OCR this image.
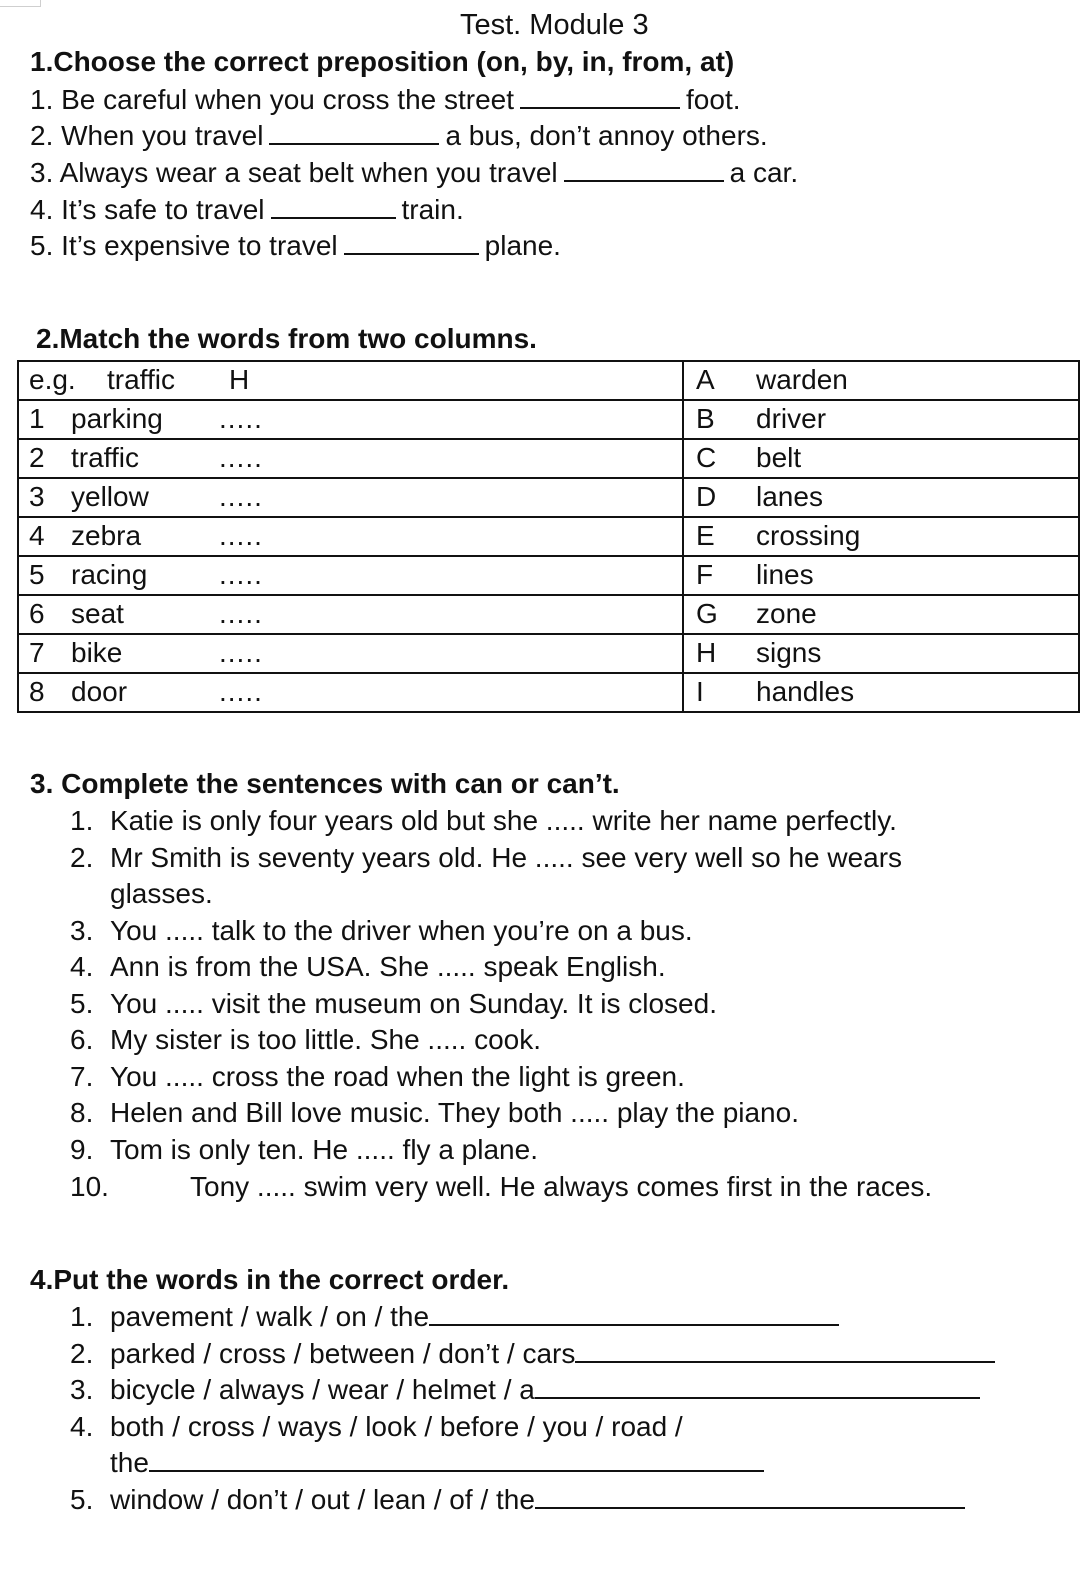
Test. Module 3
1.Choose the correct preposition (on, by, in, from, at)
1. Be careful when you cross the street	foot.
2. When you travel	a bus, don’t annoy others.
3. Always wear a seat belt when you travel	a car.
4. It’s safe to travel	train.
5. It’s expensive to travel	plane.
2.Match the words from two columns.
e.g. traffic H	A warden

1 parking .....	B driver

2 traffic .....	C belt

3 yellow .....	D lanes

4 zebra .....	E crossing

5 racing .....	F lines

6 seat .....	G zone

7 bike .....	H signs

8 door .....	I handles
3. Complete the sentences with can or can’t.
1. Katie is only four years old but she ..... write her name perfectly.
2. Mr Smith is seventy years old. He ..... see very well so he wears
glasses.
3. You ..... talk to the driver when you’re on a bus.
4. Ann is from the USA. She ..... speak English.
5. You ..... visit the museum on Sunday. It is closed.
6. My sister is too little. She ..... cook.
7. You ..... cross the road when the light is green.
8. Helen and Bill love music. They both ..... play the piano.
9. Tom is only ten. He ..... fly a plane.
10.	Tony ..... swim very well. He always comes first in the races.
4.Put the words in the correct order.
1. pavement / walk / on / the
2. parked / cross / between / don’t / cars
3. bicycle / always / wear / helmet / a
4. both / cross / ways / look / before / you / road /
the
5. window / don’t / out / lean / of / the
